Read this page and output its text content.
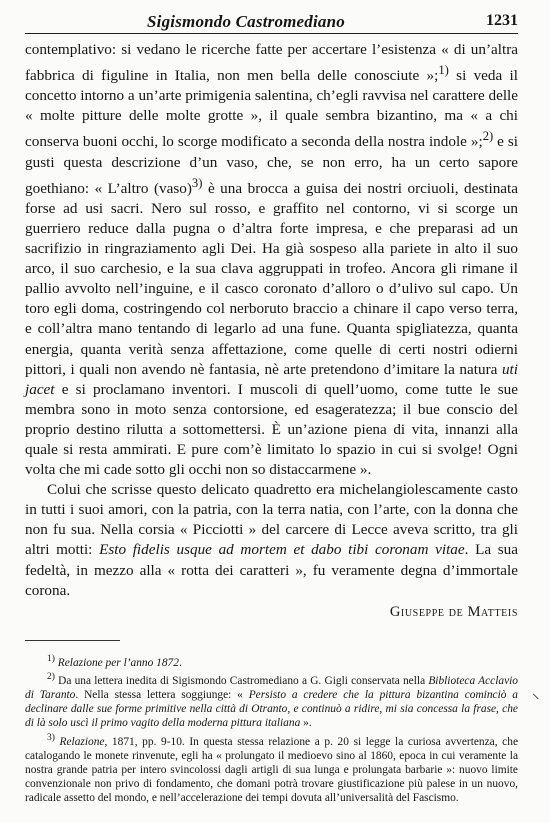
Sigismondo Castromediano	1231

contemplativo: si vedano le ricerche fatte per accertare l’esistenza « di un’altra fabbrica di figuline in Italia, non men bella delle conosciute »;$^{1)}$ si veda il concetto intorno a un’arte primigenia salentina, ch’egli ravvisa nel carattere delle « molte pitture delle molte grotte », il quale sembra bizantino, ma « a chi conserva buoni occhi, lo scorge modificato a seconda della nostra indole »;$^{2)}$ e si gusti questa descrizione d’un vaso, che, se non erro, ha un certo sapore goethiano: « L’altro (vaso)$^{3)}$ è una brocca a guisa dei nostri orciuoli, destinata forse ad usi sacri. Nero sul rosso, e graffito nel contorno, vi si scorge un guerriero reduce dalla pugna o d’altra forte impresa, e che preparasi ad un sacrifizio in ringraziamento agli Dei. Ha già sospeso alla pariete in alto il suo arco, il suo carchesio, e la sua clava aggruppati in trofeo. Ancora gli rimane il pallio avvolto nell’inguine, e il casco coronato d’alloro o d’ulivo sul capo. Un toro egli doma, costringendo col nerboruto braccio a chinare il capo verso terra, e coll’altra mano tentando di legarlo ad una fune. Quanta spigliatezza, quanta energia, quanta verità senza affettazione, come quelle di certi nostri odierni pittori, i quali non avendo nè fantasia, nè arte pretendono d’imitare la natura uti jacet e si proclamano inventori. I muscoli di quell’uomo, come tutte le sue membra sono in moto senza contorsione, ed esageratezza; il bue conscio del proprio destino rilutta a sottomettersi. È un’azione piena di vita, innanzi alla quale si resta ammirati. E pure com’è limitato lo spazio in cui si svolge! Ogni volta che mi cade sotto gli occhi non so distaccarmene ».

Colui che scrisse questo delicato quadretto era michelangiolescamente casto in tutti i suoi amori, con la patria, con la terra natia, con l’arte, con la donna che non fu sua. Nella corsia « Picciotti » del carcere di Lecce aveva scritto, tra gli altri motti: Esto fidelis usque ad mortem et dabo tibi coronam vitae. La sua fedeltà, in mezzo alla « rotta dei caratteri », fu veramente degna d’immortale corona.

Giuseppe de Matteis

$^{1)}$ Relazione per l’anno 1872.

$^{2)}$ Da una lettera inedita di Sigismondo Castromediano a G. Gigli conservata nella Biblioteca Acclavio di Taranto. Nella stessa lettera soggiunge: « Persisto a credere che la pittura bizantina cominciò a declinare dalle sue forme primitive nella città di Otranto, e continuò a ridire, mi sia concessa la frase, che di là solo uscì il primo vagito della moderna pittura italiana ».

$^{3)}$ Relazione, 1871, pp. 9-10. In questa stessa relazione a p. 20 si legge la curiosa avvertenza, che catalogando le monete rinvenute, egli ha « prolungato il medioevo sino al 1860, epoca in cui veramente la nostra grande patria per intero svincolossi dagli artigli di sua lunga e prolungata barbarie »: nuovo limite convenzionale non privo di fondamento, che domani potrà trovare giustificazione più palese in un nuovo, radicale assetto del mondo, e nell’accelerazione dei tempi dovuta all’universalità del Fascismo.

⸜
